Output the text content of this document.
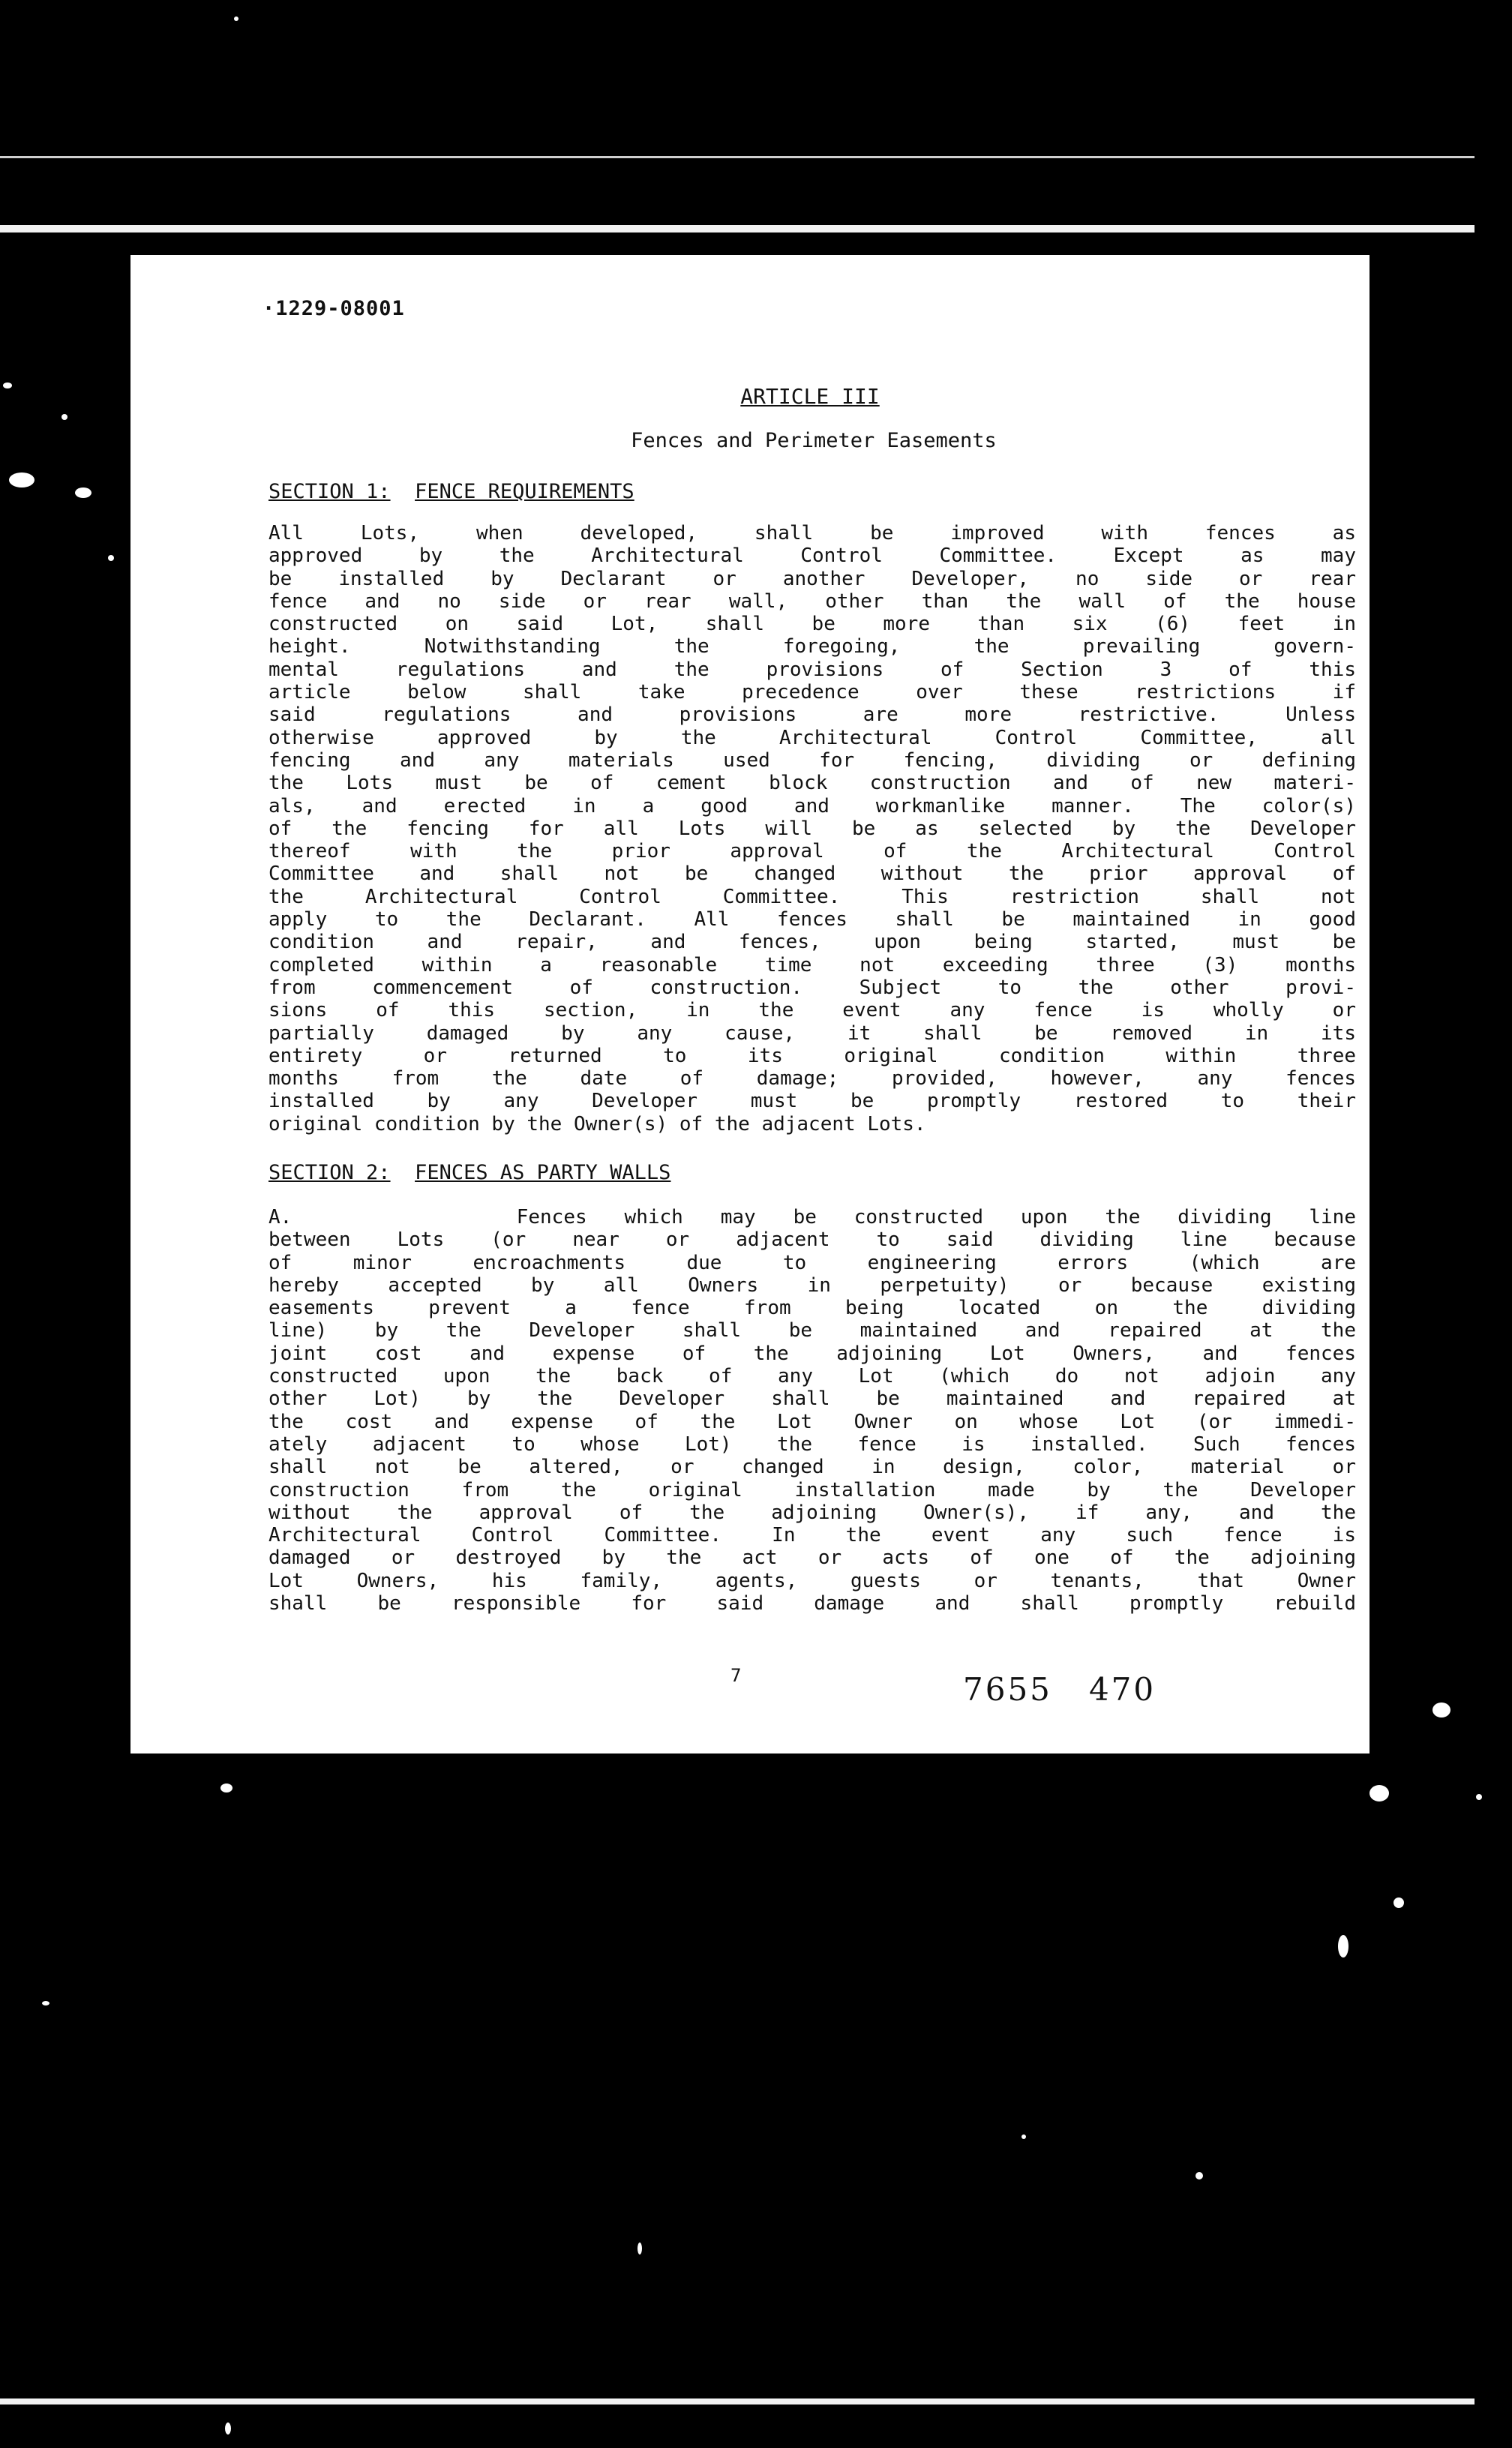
·1229-08001
ARTICLE III
Fences and Perimeter Easements
SECTION 1: FENCE REQUIREMENTS
All Lots, when developed, shall be improved with fences as
approved by the Architectural Control Committee. Except as may
be installed by Declarant or another Developer, no side or rear
fence and no side or rear wall, other than the wall of the house
constructed on said Lot, shall be more than six (6) feet in
height. Notwithstanding the foregoing, the prevailing govern-
mental regulations and the provisions of Section 3 of this
article below shall take precedence over these restrictions if
said regulations and provisions are more restrictive. Unless
otherwise approved by the Architectural Control Committee, all
fencing and any materials used for fencing, dividing or defining
the Lots must be of cement block construction and of new materi-
als, and erected in a good and workmanlike manner. The color(s)
of the fencing for all Lots will be as selected by the Developer
thereof with the prior approval of the Architectural Control
Committee and shall not be changed without the prior approval of
the Architectural Control Committee. This restriction shall not
apply to the Declarant. All fences shall be maintained in good
condition and repair, and fences, upon being started, must be
completed within a reasonable time not exceeding three (3) months
from commencement of construction. Subject to the other provi-
sions of this section, in the event any fence is wholly or
partially damaged by any cause, it shall be removed in its
entirety or returned to its original condition within three
months from the date of damage; provided, however, any fences
installed by any Developer must be promptly restored to their
original condition by the Owner(s) of the adjacent Lots.
SECTION 2: FENCES AS PARTY WALLS
A.      Fences which may be constructed upon the dividing line
between Lots (or near or adjacent to said dividing line because
of minor encroachments due to engineering errors (which are
hereby accepted by all Owners in perpetuity) or because existing
easements prevent a fence from being located on the dividing
line) by the Developer shall be maintained and repaired at the
joint cost and expense of the adjoining Lot Owners, and fences
constructed upon the back of any Lot (which do not adjoin any
other Lot) by the Developer shall be maintained and repaired at
the cost and expense of the Lot Owner on whose Lot (or immedi-
ately adjacent to whose Lot) the fence is installed. Such fences
shall not be altered, or changed in design, color, material or
construction from the original installation made by the Developer
without the approval of the adjoining Owner(s), if any, and the
Architectural Control Committee. In the event any such fence is
damaged or destroyed by the act or acts of one of the adjoining
Lot Owners, his family, agents, guests or tenants, that Owner
shall be responsible for said damage and shall promptly rebuild
7	7655   470
